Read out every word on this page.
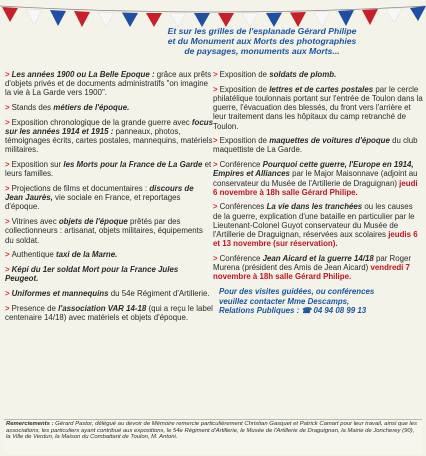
Et sur les grilles de l'esplanade Gérard Philipe
et du Monument aux Morts des photographies
de paysages, monuments aux Morts...
> Les années 1900 ou La Belle Epoque : grâce aux prêts d'objets privés et de documents administratifs "on imagine la vie à La Garde vers 1900".
> Stands des métiers de l'époque.
> Exposition chronologique de la grande guerre avec focus sur les années 1914 et 1915 : panneaux, photos, témoignages écrits, cartes postales, mannequins, matériels militaires.
> Exposition sur les Morts pour la France de La Garde et leurs familles.
> Projections de films et documentaires : discours de Jean Jaurès, vie sociale en France, et reportages d'époque.
> Vitrines avec objets de l'époque prêtés par des collectionneurs : artisanat, objets militaires, équipements du soldat.
> Authentique taxi de la Marne.
> Képi du 1er soldat Mort pour la France Jules Peugeot.
> Uniformes et mannequins du 54e Régiment d'Artillerie.
> Presence de l'association VAR 14-18 (qui a reçu le label centenaire 14/18) avec matériels et objets d'époque.
> Exposition de soldats de plomb.
> Exposition de lettres et de cartes postales par le cercle philatélique toulonnais portant sur l'entrée de Toulon dans la guerre, l'évacuation des blessés, du front vers l'arrière et leur traitement dans les hôpitaux du camp retranché de Toulon.
> Exposition de maquettes de voitures d'époque du club maquettiste de La Garde.
> Conférence Pourquoi cette guerre, l'Europe en 1914, Empires et Alliances par le Major Maisonnave (adjoint au conservateur du Musée de l'Artillerie de Draguignan) jeudi 6 novembre à 18h salle Gérard Philipe.
> Conférences La vie dans les tranchées ou les causes de la guerre, explication d'une bataille en particulier par le Lieutenant-Colonel Guyot conservateur du Musée de l'Artillerie de Draguignan, réservées aux scolaires jeudis 6 et 13 novembre (sur réservation).
> Conférence Jean Aicard et la guerre 14/18 par Roger Murena (président des Amis de Jean Aicard) vendredi 7 novembre à 18h salle Gérard Philipe.
Pour des visites guidées, ou conférences
veuillez contacter Mme Descamps,
Relations Publiques : ☎ 04 94 08 99 13
Remerciements : Gérard Pastor, délégué au devoir de Mémoire remercie particulièrement Christian Gasquet et Patrick Camart pour leur travail, ainsi que les associations, les particuliers ayant contribué aux expositions, le 54e Régiment d'Artillerie, le Musée de l'Artillerie de Draguignan, la Mairie de Joncherey (90), la Ville de Verdun, la Maison du Combattant de Toulon, M. Antoni.
